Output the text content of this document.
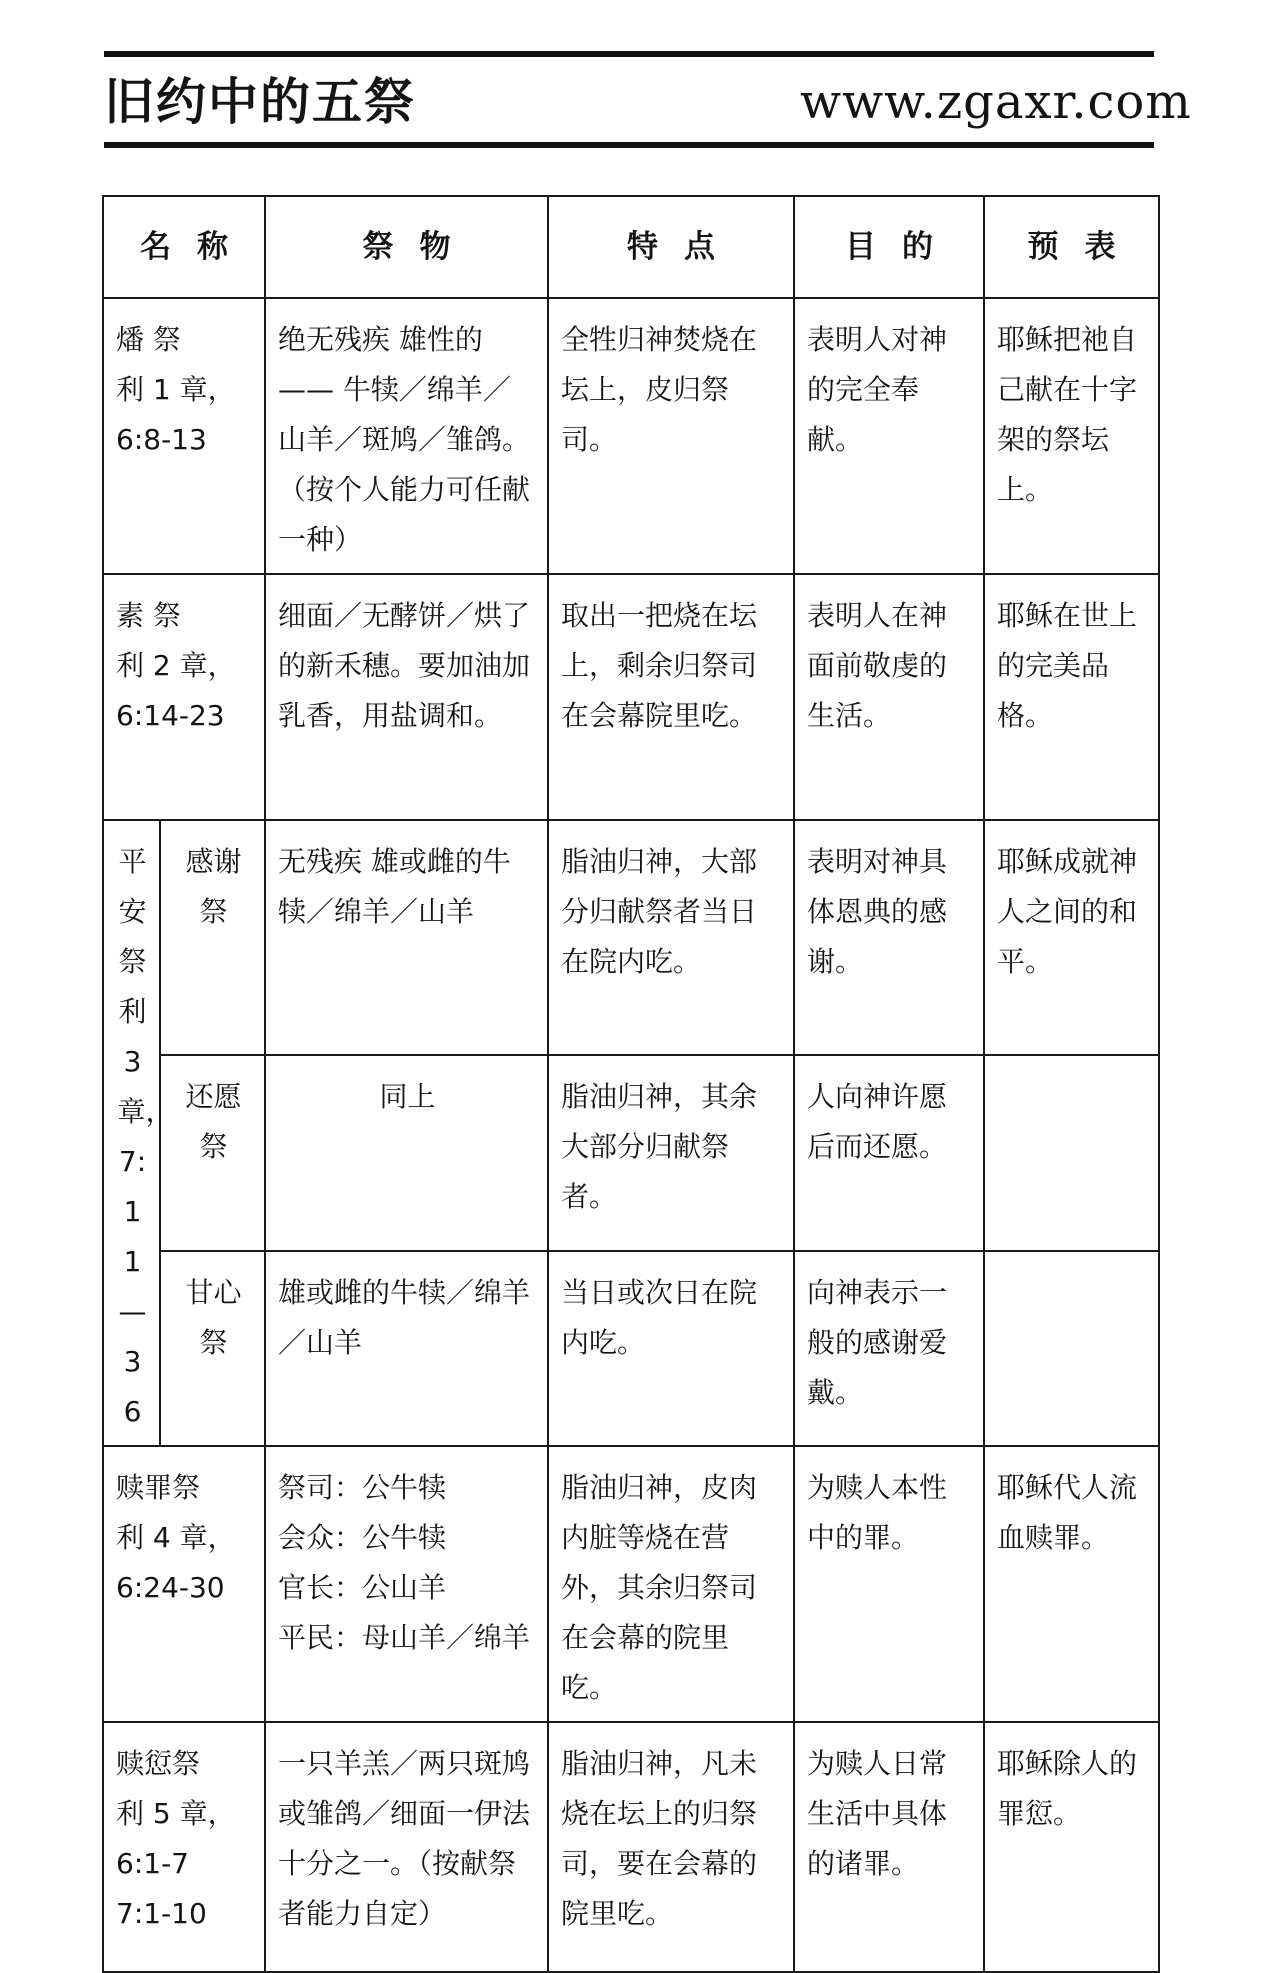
旧约中的五祭	www.zgaxr.com
名称		祭物	特点	目的	预表

燔 祭
利 1 章，
6:8-13		绝无残疾 雄性的—— 牛犊／绵羊／山羊／斑鸠／雏鸽。（按个人能力可任献一种）	全牲归神焚烧在坛上，皮归祭司。	表明人对神的完全奉献。	耶稣把祂自己献在十字架的祭坛上。

素 祭
利 2 章，
6:14-23		细面／无酵饼／烘了的新禾穗。要加油加乳香，用盐调和。	取出一把烧在坛上，剩余归祭司在会幕院里吃。	表明人在神面前敬虔的生活。	耶稣在世上的完美品格。
平安祭 利3章，7:11—36	感谢祭	无残疾 雄或雌的牛犊／绵羊／山羊	脂油归神，大部分归献祭者当日在院内吃。	表明对神具体恩典的感谢。	耶稣成就神人之间的和平。
	还愿祭	同上	脂油归神，其余大部分归献祭者。	人向神许愿后而还愿。	
	甘心祭	雄或雌的牛犊／绵羊／山羊	当日或次日在院内吃。	向神表示一般的感谢爱戴。	

赎罪祭
利 4 章，
6:24-30		祭司：公牛犊
会众：公牛犊
官长：公山羊
平民：母山羊／绵羊	脂油归神，皮肉内脏等烧在营外，其余归祭司在会幕的院里吃。	为赎人本性中的罪。	耶稣代人流血赎罪。

赎愆祭
利 5 章，
6:1-7
7:1-10		一只羊羔／两只斑鸠或雏鸽／细面一伊法十分之一。（按献祭者能力自定）	脂油归神，凡未烧在坛上的归祭司，要在会幕的院里吃。	为赎人日常生活中具体的诸罪。	耶稣除人的罪愆。
